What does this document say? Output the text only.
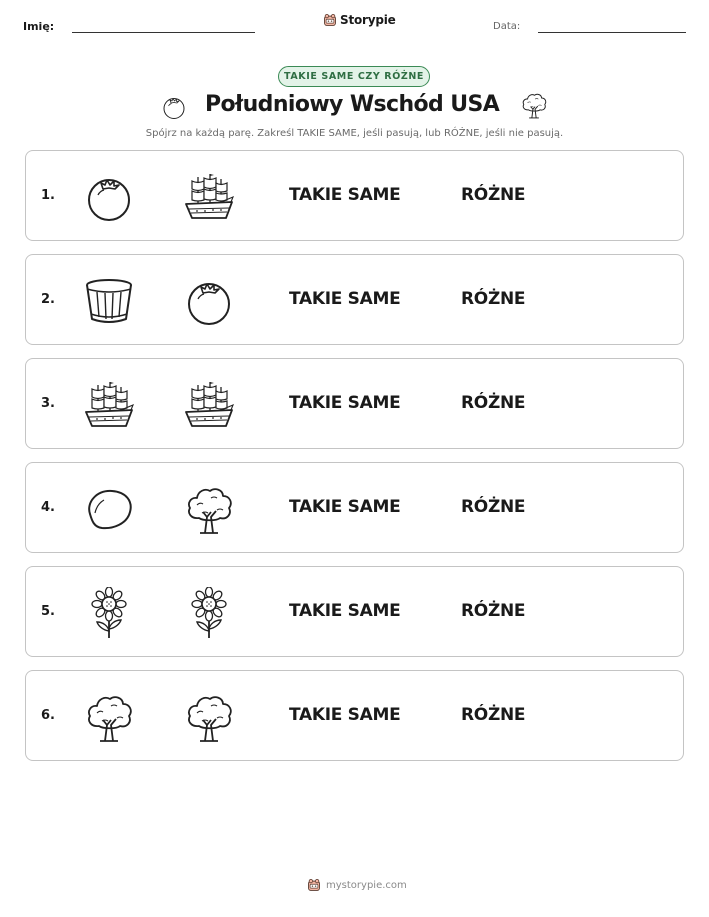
Imię:	Storypie	Data:
TAKIE SAME CZY RÓŻNE
Południowy Wschód USA
Spójrz na każdą parę. Zakreśl TAKIE SAME, jeśli pasują, lub RÓŻNE, jeśli nie pasują.
1.	TAKIE SAME	RÓŻNE
2.	TAKIE SAME	RÓŻNE
3.	TAKIE SAME	RÓŻNE
4.	TAKIE SAME	RÓŻNE
5.	TAKIE SAME	RÓŻNE
6.	TAKIE SAME	RÓŻNE
mystorypie.com
